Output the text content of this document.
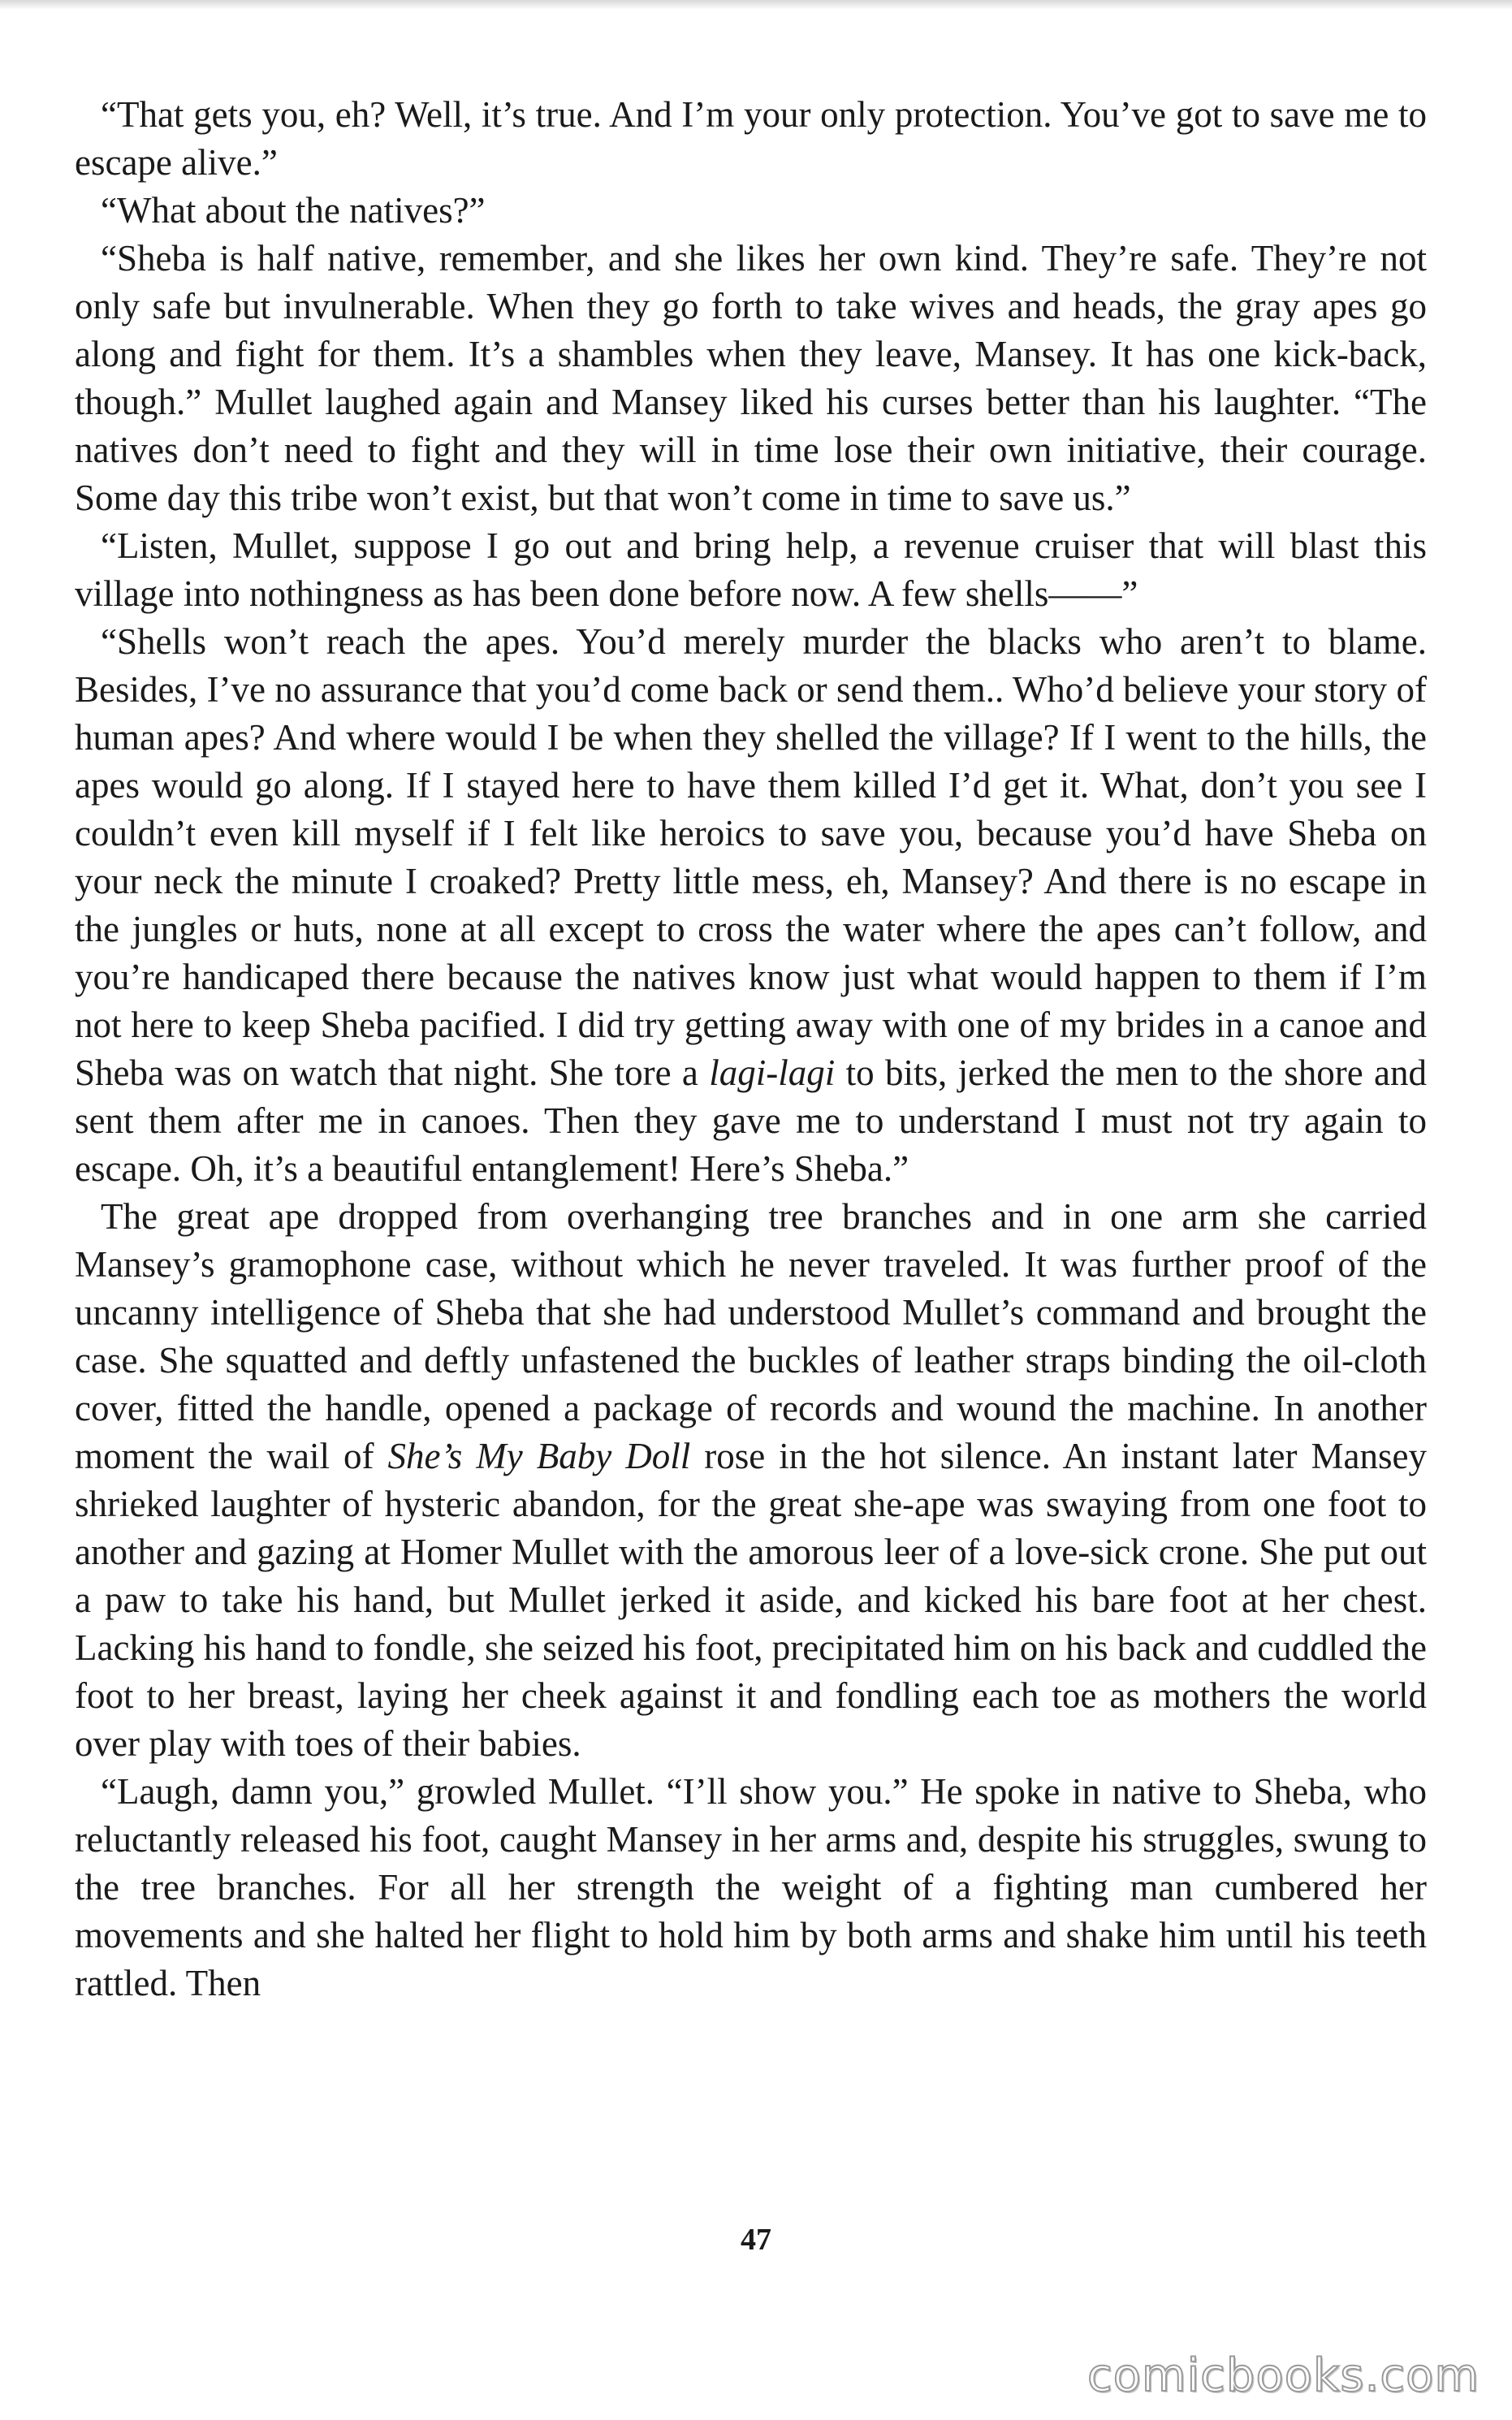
“That gets you, eh? Well, it’s true. And I’m your only protection. You’ve got to save me to escape alive.”

“What about the natives?”

“Sheba is half native, remember, and she likes her own kind. They’re safe. They’re not only safe but invulnerable. When they go forth to take wives and heads, the gray apes go along and fight for them. It’s a shambles when they leave, Mansey. It has one kick-back, though.” Mullet laughed again and Mansey liked his curses better than his laughter. “The natives don’t need to fight and they will in time lose their own initiative, their courage. Some day this tribe won’t exist, but that won’t come in time to save us.”

“Listen, Mullet, suppose I go out and bring help, a revenue cruiser that will blast this village into nothingness as has been done before now. A few shells——”

“Shells won’t reach the apes. You’d merely murder the blacks who aren’t to blame. Besides, I’ve no assurance that you’d come back or send them.. Who’d believe your story of human apes? And where would I be when they shelled the village? If I went to the hills, the apes would go along. If I stayed here to have them killed I’d get it. What, don’t you see I couldn’t even kill myself if I felt like heroics to save you, because you’d have Sheba on your neck the minute I croaked? Pretty little mess, eh, Mansey? And there is no escape in the jungles or huts, none at all except to cross the water where the apes can’t follow, and you’re handicaped there because the natives know just what would happen to them if I’m not here to keep Sheba pacified. I did try getting away with one of my brides in a canoe and Sheba was on watch that night. She tore a lagi-lagi to bits, jerked the men to the shore and sent them after me in canoes. Then they gave me to understand I must not try again to escape. Oh, it’s a beautiful entanglement! Here’s Sheba.”

The great ape dropped from overhanging tree branches and in one arm she carried Mansey’s gramophone case, without which he never traveled. It was further proof of the uncanny intelligence of Sheba that she had understood Mullet’s command and brought the case. She squatted and deftly unfastened the buckles of leather straps binding the oil-cloth cover, fitted the handle, opened a package of records and wound the machine. In another moment the wail of She’s My Baby Doll rose in the hot silence. An instant later Mansey shrieked laughter of hysteric abandon, for the great she-ape was swaying from one foot to another and gazing at Homer Mullet with the amorous leer of a love-sick crone. She put out a paw to take his hand, but Mullet jerked it aside, and kicked his bare foot at her chest. Lacking his hand to fondle, she seized his foot, precipitated him on his back and cuddled the foot to her breast, laying her cheek against it and fondling each toe as mothers the world over play with toes of their babies.

“Laugh, damn you,” growled Mullet. “I’ll show you.” He spoke in native to Sheba, who reluctantly released his foot, caught Mansey in her arms and, despite his struggles, swung to the tree branches. For all her strength the weight of a fighting man cumbered her movements and she halted her flight to hold him by both arms and shake him until his teeth rattled. Then

47
comicbooks.com
